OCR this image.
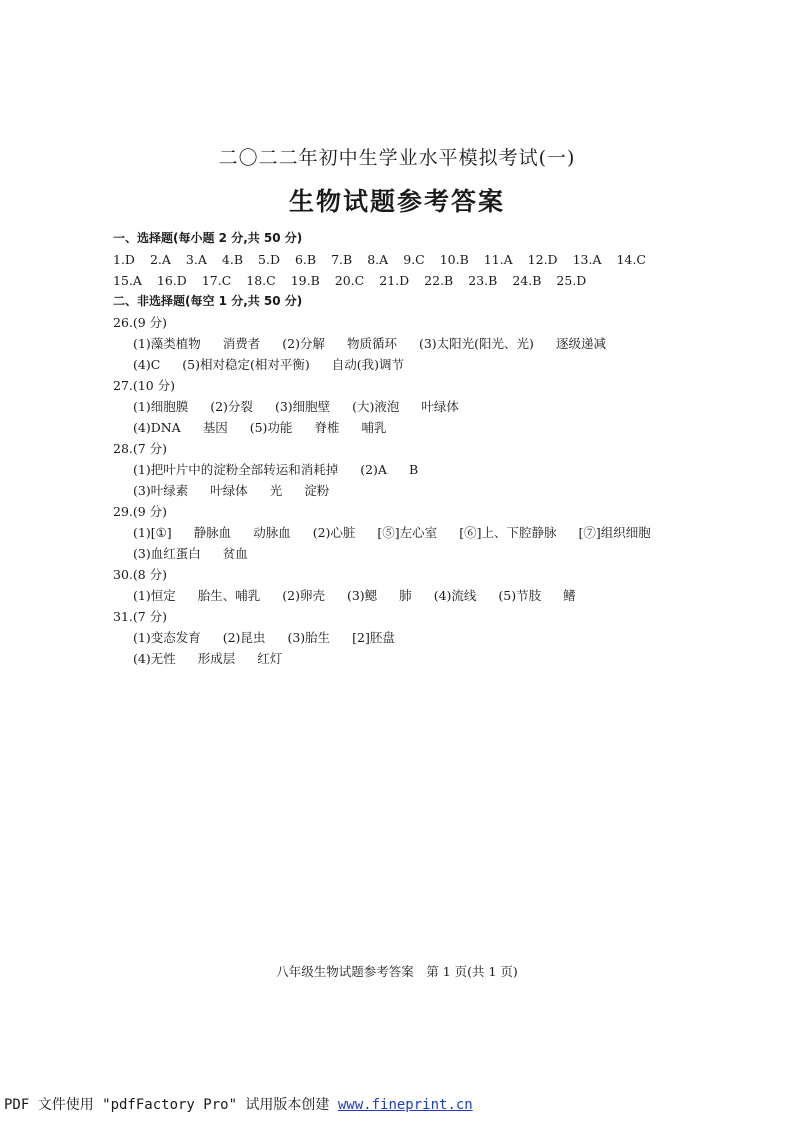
二〇二二年初中生学业水平模拟考试(一)
生物试题参考答案
一、选择题(每小题 2 分,共 50 分)
1.D 2.A 3.A 4.B 5.D 6.B 7.B 8.A 9.C 10.B 11.A 12.D 13.A 14.C
15.A 16.D 17.C 18.C 19.B 20.C 21.D 22.B 23.B 24.B 25.D
二、非选择题(每空 1 分,共 50 分)
26.(9 分)
(1)藻类植物 消费者 (2)分解 物质循环 (3)太阳光(阳光、光) 逐级递减
(4)C (5)相对稳定(相对平衡) 自动(我)调节
27.(10 分)
(1)细胞膜 (2)分裂 (3)细胞壁 (大)液泡 叶绿体
(4)DNA 基因 (5)功能 脊椎 哺乳
28.(7 分)
(1)把叶片中的淀粉全部转运和消耗掉 (2)A B
(3)叶绿素 叶绿体 光 淀粉
29.(9 分)
(1)[①] 静脉血 动脉血 (2)心脏 [⑤]左心室 [⑥]上、下腔静脉 [⑦]组织细胞
(3)血红蛋白 贫血
30.(8 分)
(1)恒定 胎生、哺乳 (2)卵壳 (3)鳃 肺 (4)流线 (5)节肢 鳍
31.(7 分)
(1)变态发育 (2)昆虫 (3)胎生 [2]胚盘
(4)无性 形成层 红灯
八年级生物试题参考答案　第 1 页(共 1 页)
PDF 文件使用 "pdfFactory Pro" 试用版本创建 www.fineprint.cn
